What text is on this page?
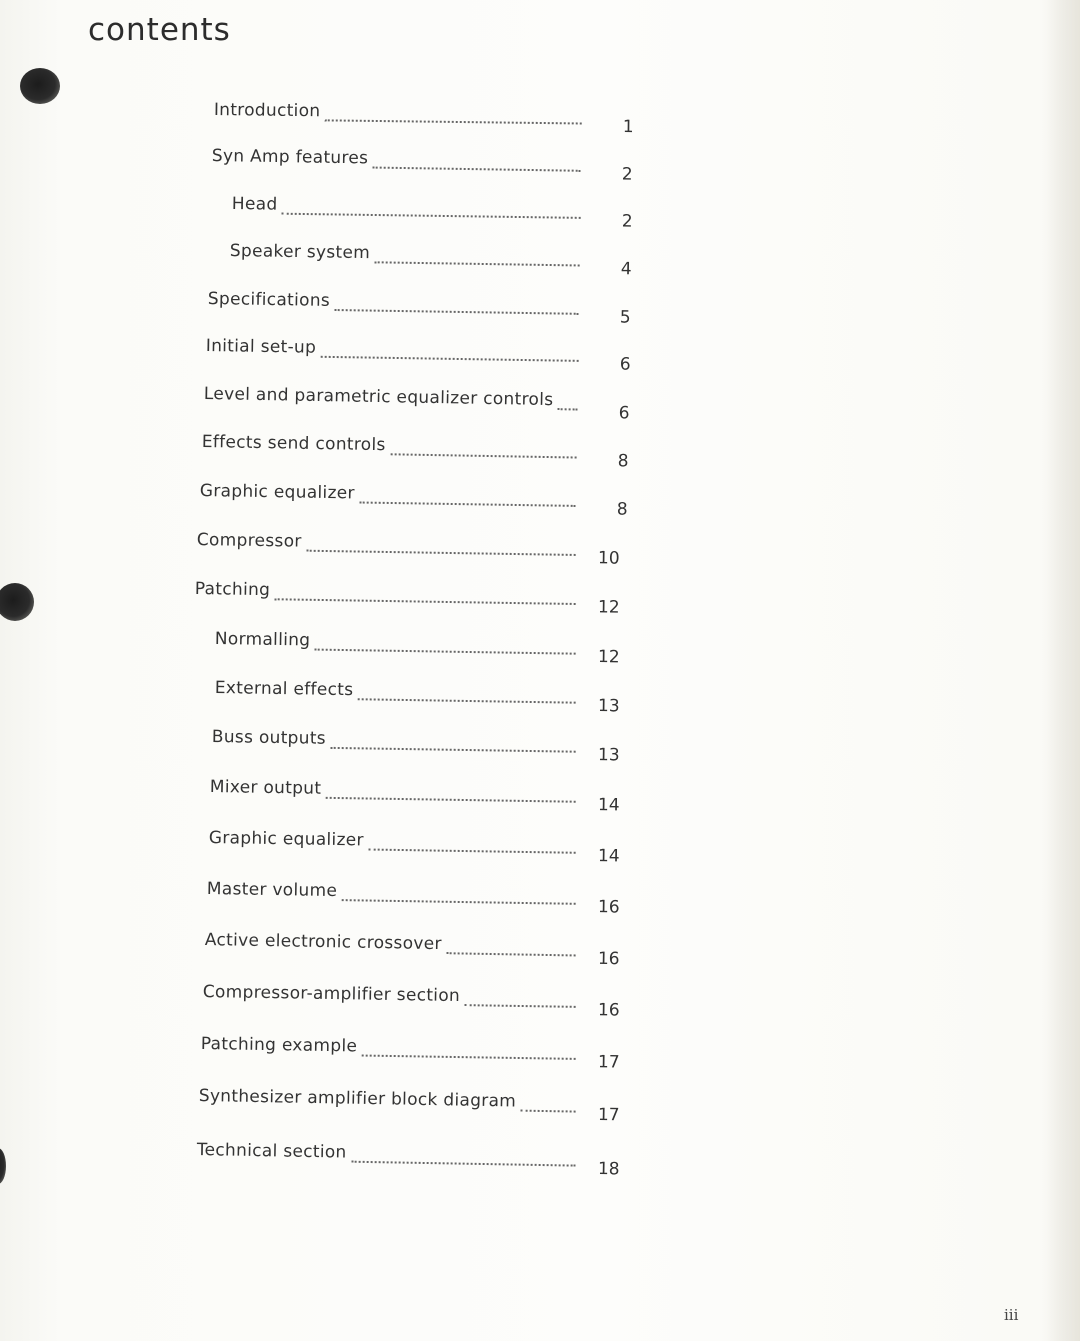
contents
Introduction
1
Syn Amp features
2
Head
2
Speaker system
4
Specifications
5
Initial set-up
6
Level and parametric equalizer controls
6
Effects send controls
8
Graphic equalizer
8
Compressor
10
Patching
12
Normalling
12
External effects
13
Buss outputs
13
Mixer output
14
Graphic equalizer
14
Master volume
16
Active electronic crossover
16
Compressor-amplifier section
16
Patching example
17
Synthesizer amplifier block diagram
17
Technical section
18
iii
